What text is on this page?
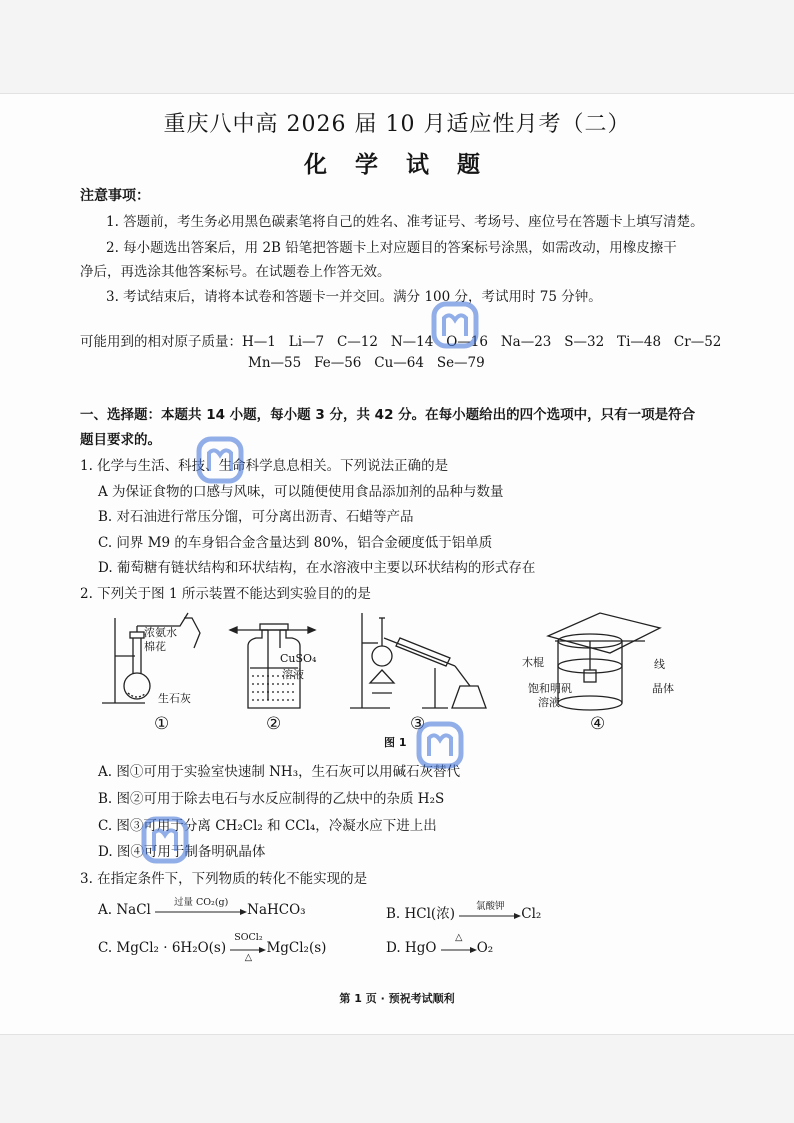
重庆八中高 2026 届 10 月适应性月考（二）
化 学 试 题
注意事项：
1. 答题前，考生务必用黑色碳素笔将自己的姓名、准考证号、考场号、座位号在答题卡上填写清楚。
2. 每小题选出答案后，用 2B 铅笔把答题卡上对应题目的答案标号涂黑，如需改动，用橡皮擦干
净后，再选涂其他答案标号。在试题卷上作答无效。
3. 考试结束后，请将本试卷和答题卡一并交回。满分 100 分，考试用时 75 分钟。
可能用到的相对原子质量：H—1   Li—7   C—12   N—14   O—16   Na—23   S—32   Ti—48   Cr—52
Mn—55   Fe—56   Cu—64   Se—79
一、选择题：本题共 14 小题，每小题 3 分，共 42 分。在每小题给出的四个选项中，只有一项是符合
题目要求的。
1. 化学与生活、科技、生命科学息息相关。下列说法正确的是
A 为保证食物的口感与风味，可以随便使用食品添加剂的品种与数量
B. 对石油进行常压分馏，可分离出沥青、石蜡等产品
C. 问界 M9 的车身铝合金含量达到 80%，铝合金硬度低于铝单质
D. 葡萄糖有链状结构和环状结构，在水溶液中主要以环状结构的形式存在
2. 下列关于图 1 所示装置不能达到实验目的的是
浓氨水
棉花
生石灰
CuSO₄
溶液
木棍	线
饱和明矾
溶液
晶体
①	②	③	④
图 1
A. 图①可用于实验室快速制 NH₃，生石灰可以用碱石灰替代
B. 图②可用于除去电石与水反应制得的乙炔中的杂质 H₂S
C. 图③可用于分离 CH₂Cl₂ 和 CCl₄，冷凝水应下进上出
D. 图④可用于制备明矾晶体
3. 在指定条件下，下列物质的转化不能实现的是
A. NaCl	过量 CO₂(g)	NaHCO₃	B. HCl(浓)	氯酸钾	Cl₂
C. MgCl₂ · 6H₂O(s)
SOCl₂
△
MgCl₂(s)	D. HgO
△
O₂
第 1 页 · 预祝考试顺利
